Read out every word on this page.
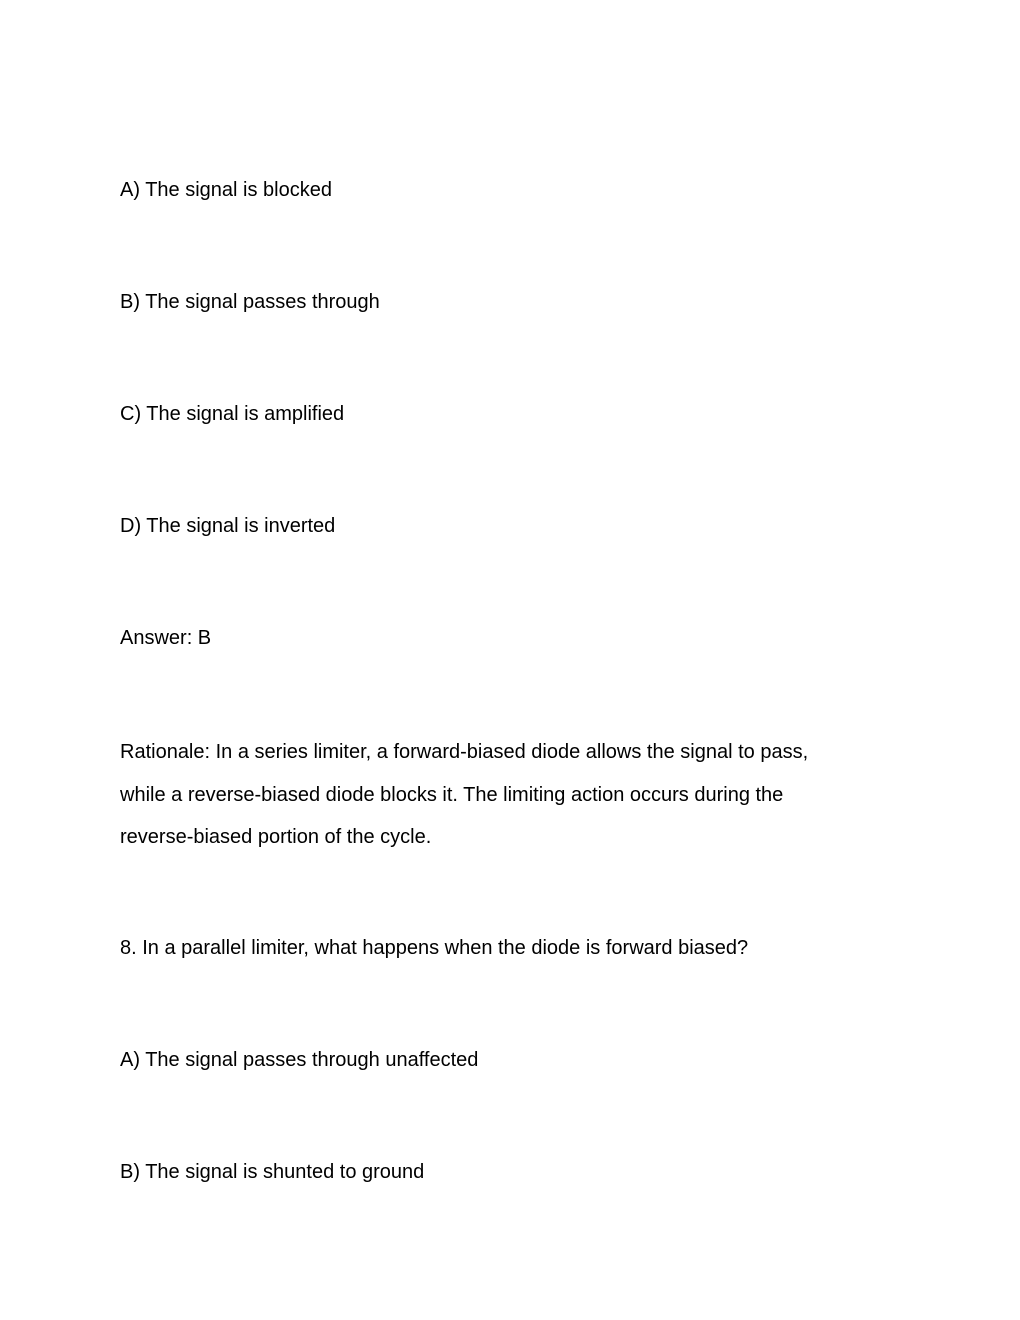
A) The signal is blocked

B) The signal passes through

C) The signal is amplified

D) The signal is inverted

Answer: B

Rationale: In a series limiter, a forward-biased diode allows the signal to pass,
while a reverse-biased diode blocks it. The limiting action occurs during the
reverse-biased portion of the cycle.

8. In a parallel limiter, what happens when the diode is forward biased?

A) The signal passes through unaffected

B) The signal is shunted to ground
